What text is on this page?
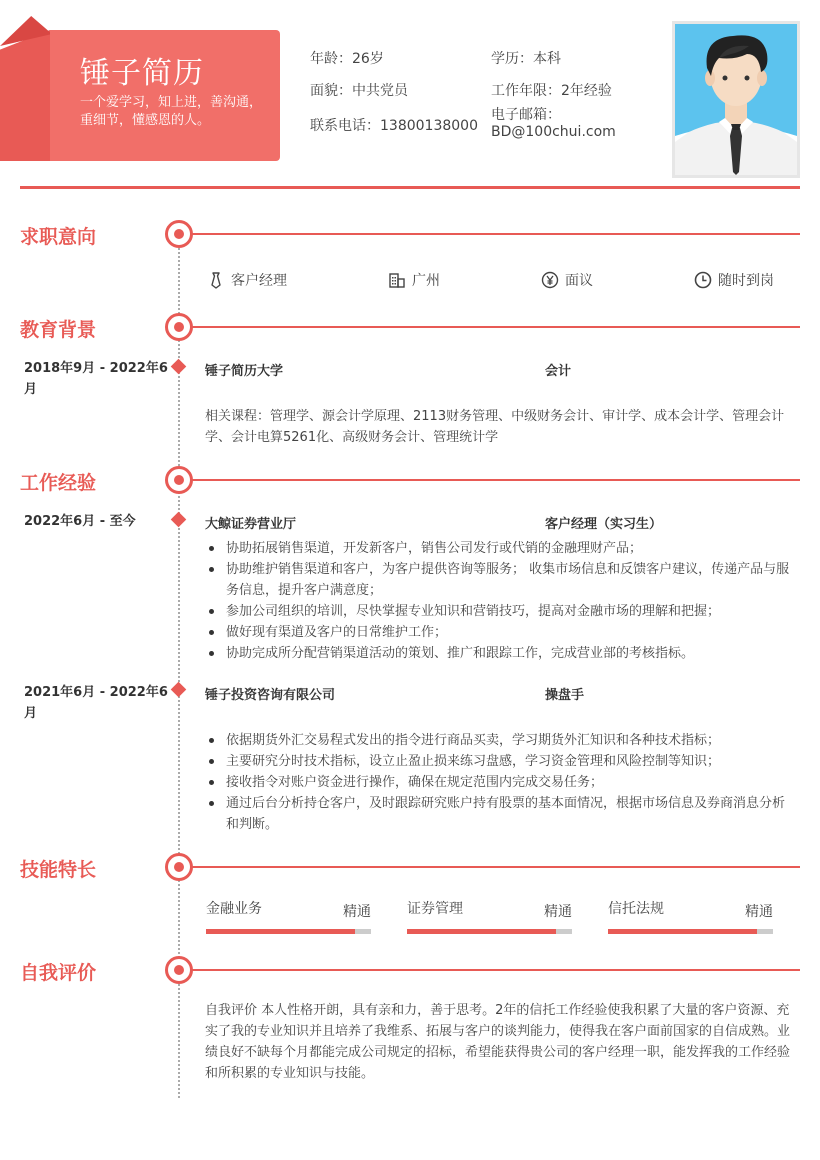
锤子简历
一个爱学习，知上进，善沟通，重细节，懂感恩的人。
年龄：26岁	学历：本科
面貌：中共党员	工作年限：2年经验
联系电话：13800138000
电子邮箱：BD@100chui.com
求职意向
客户经理	广州	面议	随时到岗
教育背景
2018年9月 - 2022年6月
锤子简历大学	会计
相关课程：管理学、源会计学原理、2113财务管理、中级财务会计、审计学、成本会计学、管理会计学、会计电算5261化、高级财务会计、管理统计学
工作经验
2022年6月 - 至今	大鲸证券营业厅	客户经理（实习生）
协助拓展销售渠道，开发新客户，销售公司发行或代销的金融理财产品；
协助维护销售渠道和客户，为客户提供咨询等服务； 收集市场信息和反馈客户建议，传递产品与服务信息，提升客户满意度；
参加公司组织的培训，尽快掌握专业知识和营销技巧，提高对金融市场的理解和把握；
做好现有渠道及客户的日常维护工作；
协助完成所分配营销渠道活动的策划、推广和跟踪工作，完成营业部的考核指标。
2021年6月 - 2022年6月
锤子投资咨询有限公司	操盘手
依据期货外汇交易程式发出的指令进行商品买卖，学习期货外汇知识和各种技术指标；
主要研究分时技术指标，设立止盈止损来练习盘感，学习资金管理和风险控制等知识；
接收指令对账户资金进行操作，确保在规定范围内完成交易任务；
通过后台分析持仓客户，及时跟踪研究账户持有股票的基本面情况，根据市场信息及券商消息分析和判断。
技能特长
金融业务	精通	证券管理	精通	信托法规	精通
自我评价
自我评价 本人性格开朗，具有亲和力，善于思考。2年的信托工作经验使我积累了大量的客户资源、充实了我的专业知识并且培养了我维系、拓展与客户的谈判能力，使得我在客户面前国家的自信成熟。业绩良好不缺每个月都能完成公司规定的招标，希望能获得贵公司的客户经理一职，能发挥我的工作经验和所积累的专业知识与技能。
